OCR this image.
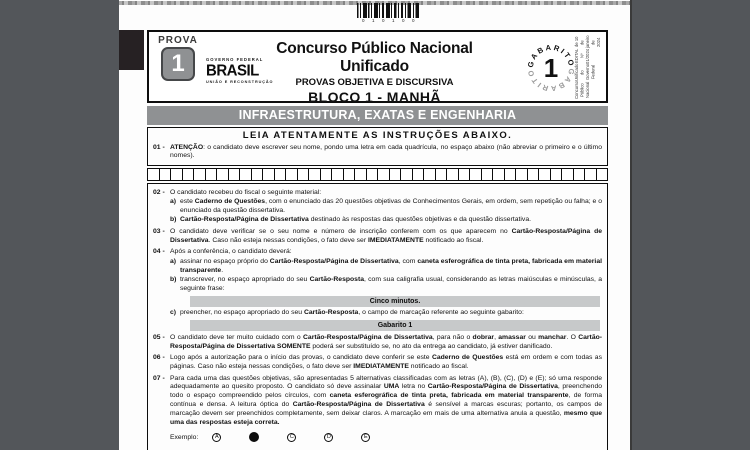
010100
PROVA
1	GOVERNO FEDERAL
BRASIL
UNIÃO E RECONSTRUÇÃO
Concurso Público Nacional Unificado
PROVAS OBJETIVA E DISCURSIVA
BLOCO 1 - MANHÃ
GABARITO
GABARITO 1
Concurso Público Nacional
Unificado do Governo Federal
EDITAL Nº 01/2024
de 10 de janeiro de 2024
INFRAESTRUTURA, EXATAS E ENGENHARIA
LEIA ATENTAMENTE AS INSTRUÇÕES ABAIXO.
01 - ATENÇÃO: o candidato deve escrever seu nome, pondo uma letra em cada quadrícula, no espaço abaixo (não abreviar o primeiro e o último nomes).
02 - O candidato recebeu do fiscal o seguinte material:
a) este Caderno de Questões, com o enunciado das 20 questões objetivas de Conhecimentos Gerais, em ordem, sem repetição ou falha; e o enunciado da questão dissertativa.
b) Cartão-Resposta/Página de Dissertativa destinado às respostas das questões objetivas e da questão dissertativa.
03 - O candidato deve verificar se o seu nome e número de inscrição conferem com os que aparecem no Cartão-Resposta/Página de Dissertativa. Caso não esteja nessas condições, o fato deve ser IMEDIATAMENTE notificado ao fiscal.
04 - Após a conferência, o candidato deverá:
a) assinar no espaço próprio do Cartão-Resposta/Página de Dissertativa, com caneta esferográfica de tinta preta, fabricada em material transparente.
b) transcrever, no espaço apropriado do seu Cartão-Resposta, com sua caligrafia usual, considerando as letras maiúsculas e minúsculas, a seguinte frase:
Cinco minutos.
c) preencher, no espaço apropriado do seu Cartão-Resposta, o campo de marcação referente ao seguinte gabarito:
Gabarito 1
05 - O candidato deve ter muito cuidado com o Cartão-Resposta/Página de Dissertativa, para não o dobrar, amassar ou manchar. O Cartão-Resposta/Página de Dissertativa SOMENTE poderá ser substituído se, no ato da entrega ao candidato, já estiver danificado.
06 - Logo após a autorização para o início das provas, o candidato deve conferir se este Caderno de Questões está em ordem e com todas as páginas. Caso não esteja nessas condições, o fato deve ser IMEDIATAMENTE notificado ao fiscal.
07 - Para cada uma das questões objetivas, são apresentadas 5 alternativas classificadas com as letras (A), (B), (C), (D) e (E); só uma responde adequadamente ao quesito proposto. O candidato só deve assinalar UMA letra no Cartão-Resposta/Página de Dissertativa, preenchendo todo o espaço compreendido pelos círculos, com caneta esferográfica de tinta preta, fabricada em material transparente, de forma contínua e densa. A leitura óptica do Cartão-Resposta/Página de Dissertativa é sensível a marcas escuras; portanto, os campos de marcação devem ser preenchidos completamente, sem deixar claros. A marcação em mais de uma alternativa anula a questão, mesmo que uma das respostas esteja correta.
Exemplo:	A	C	D	E
